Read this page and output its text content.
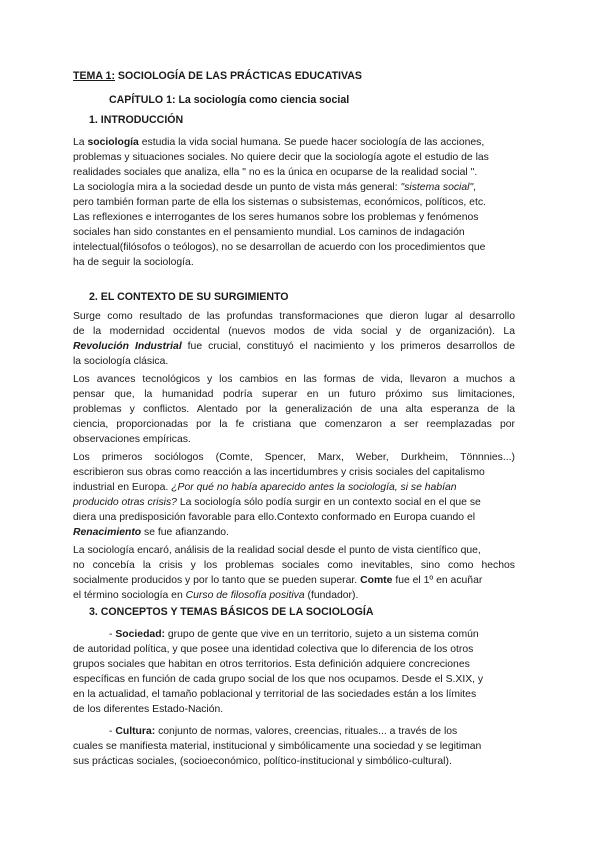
TEMA 1: SOCIOLOGÍA DE LAS PRÁCTICAS EDUCATIVAS
CAPÍTULO 1: La sociología como ciencia social
1. INTRODUCCIÓN
La sociología estudia la vida social humana. Se puede hacer sociología de las acciones,
problemas y situaciones sociales. No quiere decir que la sociología agote el estudio de las
realidades sociales que analiza, ella " no es la única en ocuparse de la realidad social ".
La sociología mira a la sociedad desde un punto de vista más general: "sistema social",
pero también forman parte de ella los sistemas o subsistemas, económicos, políticos, etc.
Las reflexiones e interrogantes de los seres humanos sobre los problemas y fenómenos
sociales han sido constantes en el pensamiento mundial. Los caminos de indagación
intelectual(filósofos o teólogos), no se desarrollan de acuerdo con los procedimientos que
ha de seguir la sociología.
2. EL CONTEXTO DE SU SURGIMIENTO
Surge como resultado de las profundas transformaciones que dieron lugar al desarrollo
de la modernidad occidental (nuevos modos de vida social y de organización). La
Revolución Industrial fue crucial, constituyó el nacimiento y los primeros desarrollos de
la sociología clásica.
Los avances tecnológicos y los cambios en las formas de vida, llevaron a muchos a
pensar que, la humanidad podría superar en un futuro próximo sus limitaciones,
problemas y conflictos. Alentado por la generalización de una alta esperanza de la
ciencia, proporcionadas por la fe cristiana que comenzaron a ser reemplazadas por
observaciones empíricas.
Los primeros sociólogos (Comte, Spencer, Marx, Weber, Durkheim, Tönnnies...)
escribieron sus obras como reacción a las incertidumbres y crisis sociales del capitalismo
industrial en Europa. ¿Por qué no había aparecido antes la sociología, si se habían
producido otras crisis? La sociología sólo podía surgir en un contexto social en el que se
diera una predisposición favorable para ello.Contexto conformado en Europa cuando el
Renacimiento se fue afianzando.
La sociología encaró, análisis de la realidad social desde el punto de vista científico que,
no concebía la crisis y los problemas sociales como inevitables, sino como hechos
socialmente producidos y por lo tanto que se pueden superar. Comte fue el 1º en acuñar
el término sociología en Curso de filosofía positiva (fundador).
3. CONCEPTOS Y TEMAS BÁSICOS DE LA SOCIOLOGÍA
- Sociedad: grupo de gente que vive en un territorio, sujeto a un sistema común
de autoridad política, y que posee una identidad colectiva que lo diferencia de los otros
grupos sociales que habitan en otros territorios. Esta definición adquiere concreciones
específicas en función de cada grupo social de los que nos ocupamos. Desde el S.XIX, y
en la actualidad, el tamaño poblacional y territorial de las sociedades están a los límites
de los diferentes Estado-Nación.
- Cultura: conjunto de normas, valores, creencias, rituales... a través de los
cuales se manifiesta material, institucional y simbólicamente una sociedad y se legitiman
sus prácticas sociales, (socioeconómico, político-institucional y simbólico-cultural).
